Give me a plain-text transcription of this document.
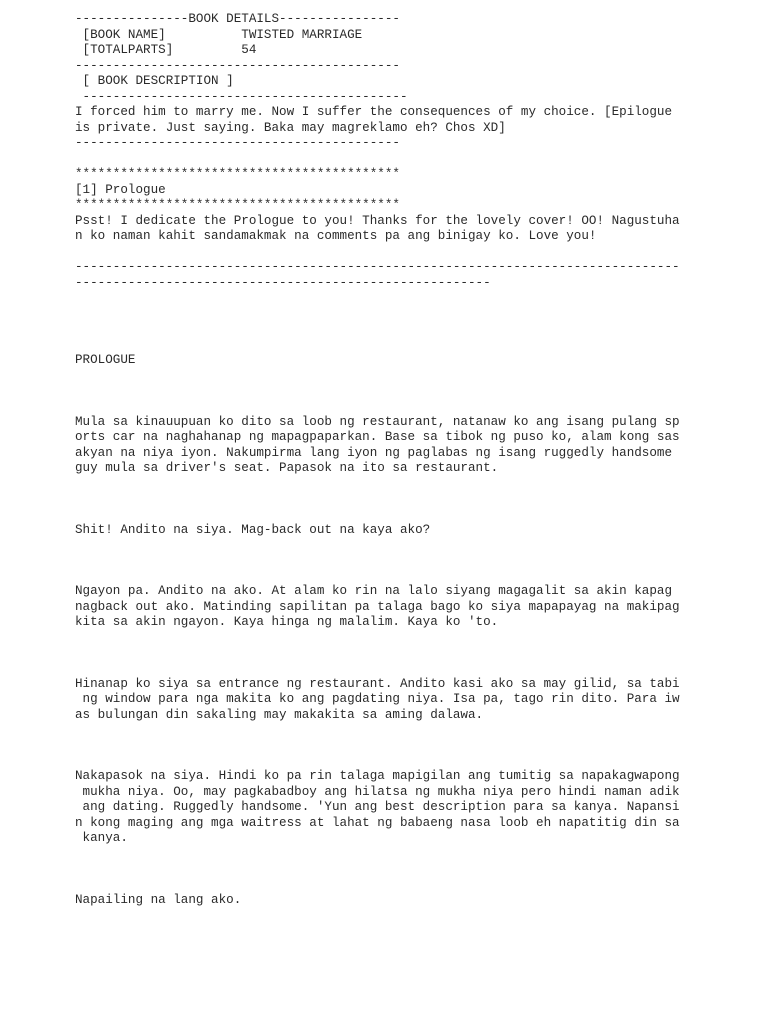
---------------BOOK DETAILS----------------
[BOOK NAME]          TWISTED MARRIAGE
[TOTALPARTS]         54
-------------------------------------------
[ BOOK DESCRIPTION ]
-------------------------------------------
I forced him to marry me. Now I suffer the consequences of my choice. [Epilogue
is private. Just saying. Baka may magreklamo eh? Chos XD]
-------------------------------------------
*******************************************
[1] Prologue
*******************************************
Psst! I dedicate the Prologue to you! Thanks for the lovely cover! OO! Nagustuha
n ko naman kahit sandamakmak na comments pa ang binigay ko. Love you!
--------------------------------------------------------------------------------
-------------------------------------------------------
PROLOGUE
Mula sa kinauupuan ko dito sa loob ng restaurant, natanaw ko ang isang pulang sp
orts car na naghahanap ng mapagpaparkan. Base sa tibok ng puso ko, alam kong sas
akyan na niya iyon. Nakumpirma lang iyon ng paglabas ng isang ruggedly handsome
guy mula sa driver's seat. Papasok na ito sa restaurant.
Shit! Andito na siya. Mag-back out na kaya ako?
Ngayon pa. Andito na ako. At alam ko rin na lalo siyang magagalit sa akin kapag
nagback out ako. Matinding sapilitan pa talaga bago ko siya mapapayag na makipag
kita sa akin ngayon. Kaya hinga ng malalim. Kaya ko 'to.
Hinanap ko siya sa entrance ng restaurant. Andito kasi ako sa may gilid, sa tabi
ng window para nga makita ko ang pagdating niya. Isa pa, tago rin dito. Para iw
as bulungan din sakaling may makakita sa aming dalawa.
Nakapasok na siya. Hindi ko pa rin talaga mapigilan ang tumitig sa napakagwapong
mukha niya. Oo, may pagkabadboy ang hilatsa ng mukha niya pero hindi naman adik
ang dating. Ruggedly handsome. 'Yun ang best description para sa kanya. Napansi
n kong maging ang mga waitress at lahat ng babaeng nasa loob eh napatitig din sa
kanya.
Napailing na lang ako.
